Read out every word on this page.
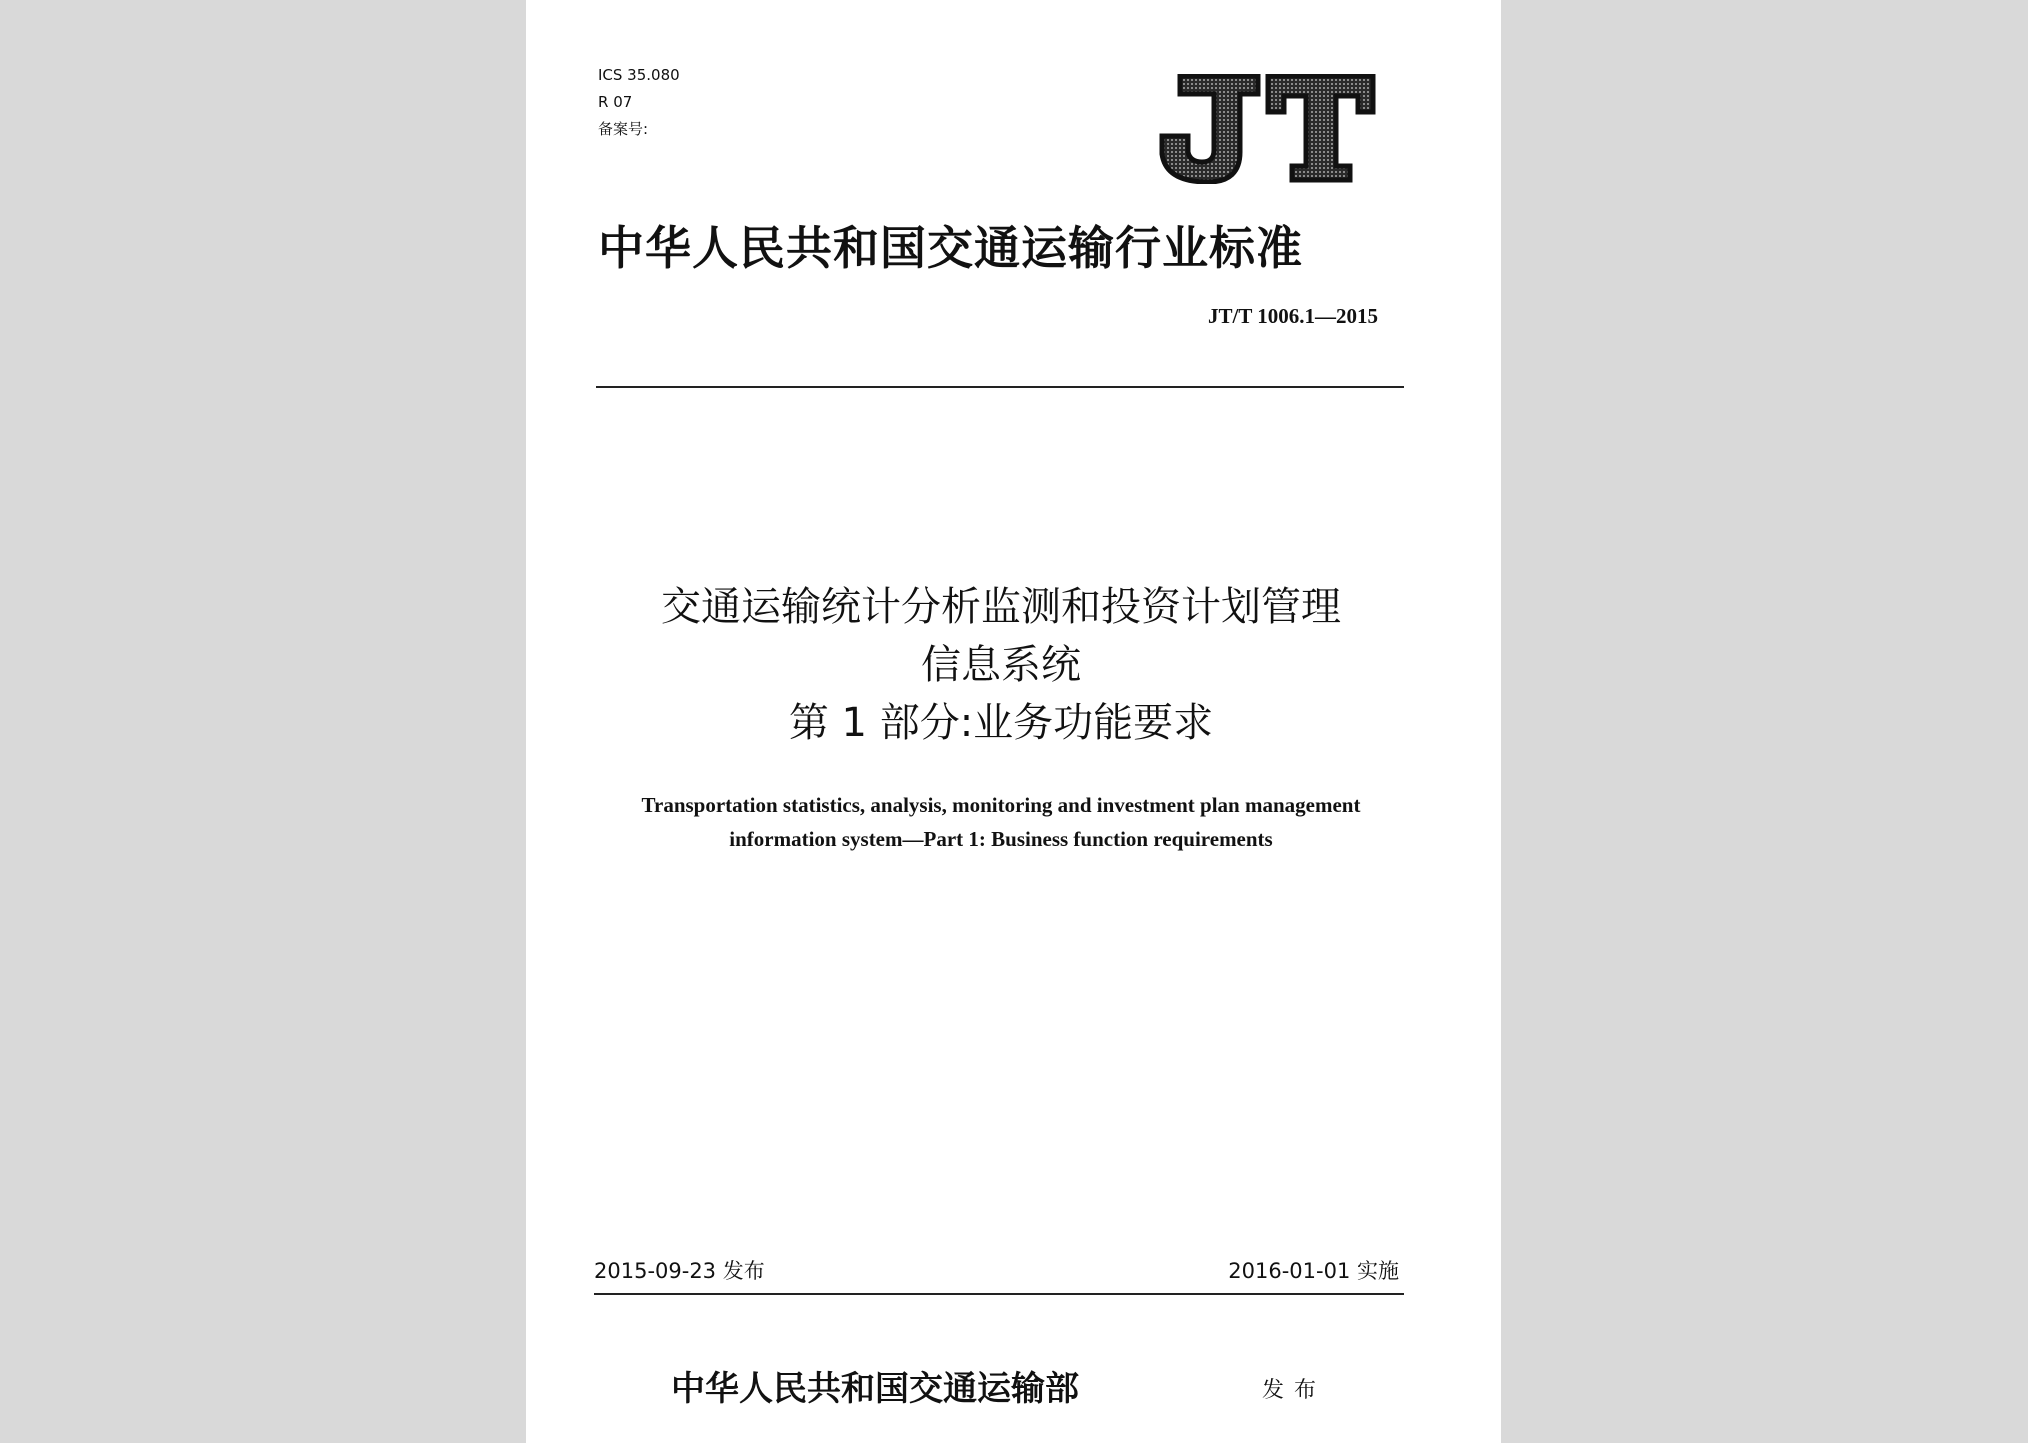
ICS 35.080
R 07
备案号:
中华人民共和国交通运输行业标准
JT/T 1006.1—2015
交通运输统计分析监测和投资计划管理
信息系统
第 1 部分:业务功能要求
Transportation statistics, analysis, monitoring and investment plan management
information system—Part 1: Business function requirements
2015-09-23 发布	2016-01-01 实施
中华人民共和国交通运输部	发布
